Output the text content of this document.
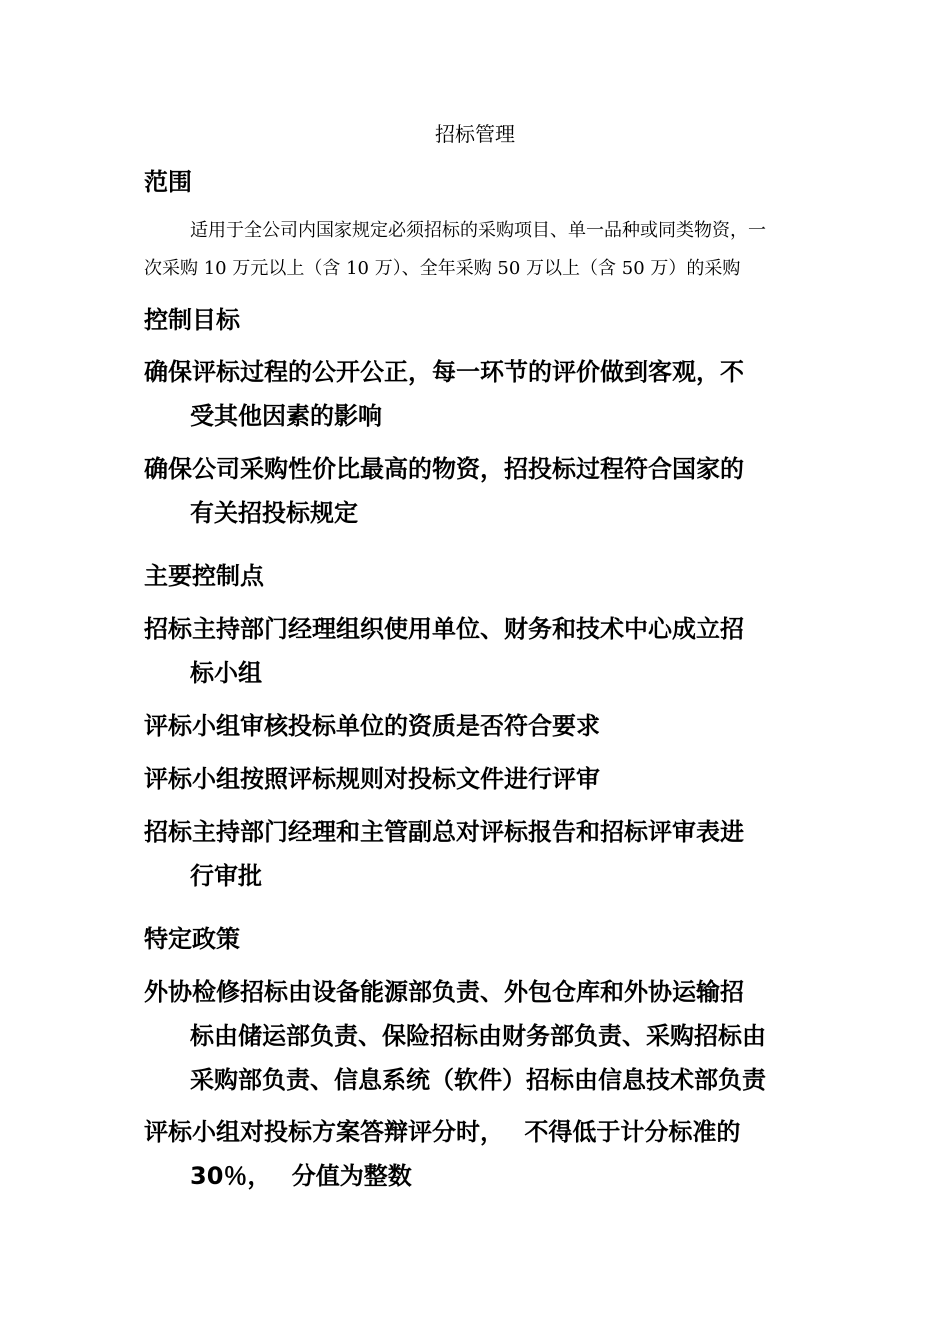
招标管理
范围

适用于全公司内国家规定必须招标的采购项目、单一品种或同类物资，一
次采购 10 万元以上（含 10 万）、全年采购 50 万以上（含 50 万）的采购

控制目标

确保评标过程的公开公正，每一环节的评价做到客观，不
受其他因素的影响

确保公司采购性价比最高的物资，招投标过程符合国家的
有关招投标规定

主要控制点

招标主持部门经理组织使用单位、财务和技术中心成立招
标小组

评标小组审核投标单位的资质是否符合要求

评标小组按照评标规则对投标文件进行评审

招标主持部门经理和主管副总对评标报告和招标评审表进
行审批

特定政策

外协检修招标由设备能源部负责、外包仓库和外协运输招
标由储运部负责、保险招标由财务部负责、采购招标由
采购部负责、信息系统（软件）招标由信息技术部负责

评标小组对投标方案答辩评分时，　 不得低于计分标准的
30％，　 分值为整数
